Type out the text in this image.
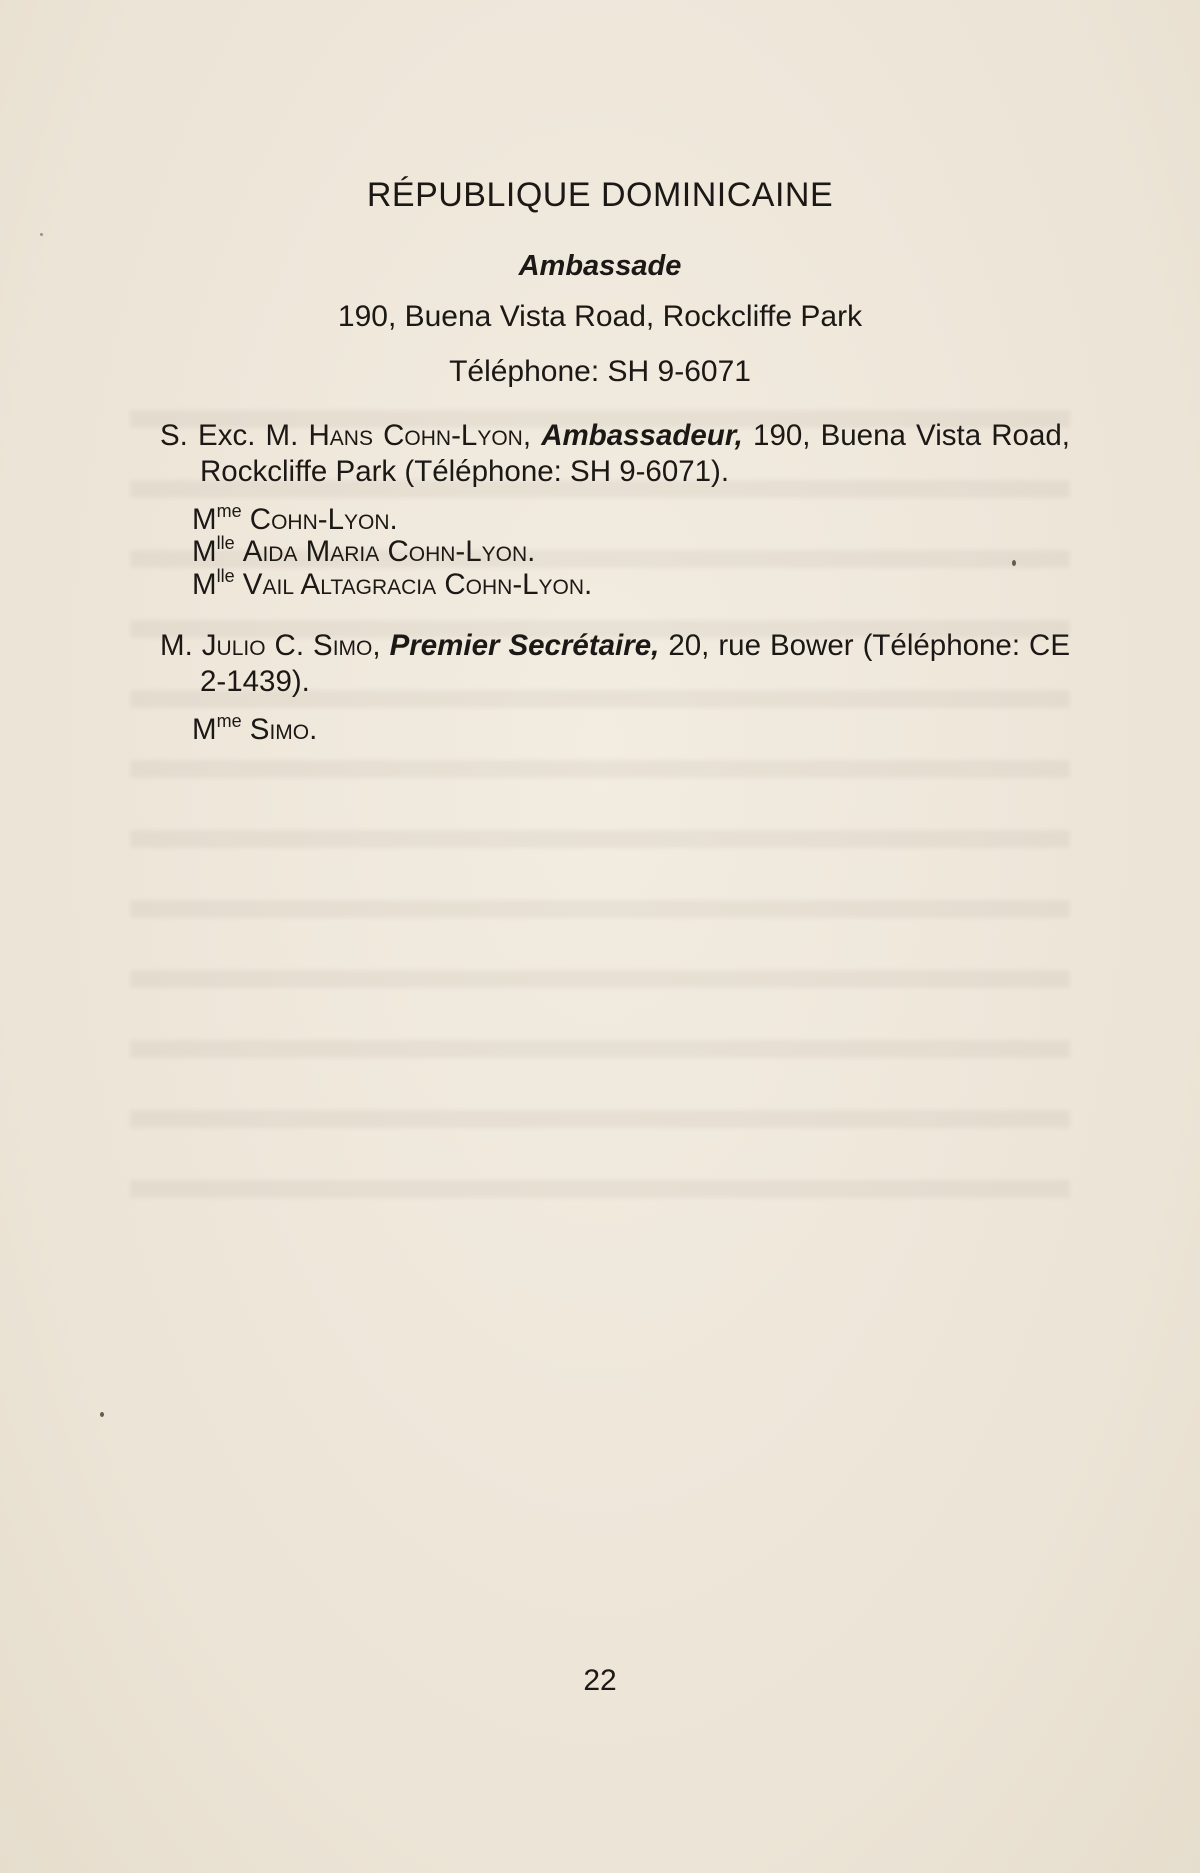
RÉPUBLIQUE DOMINICAINE
Ambassade
190, Buena Vista Road, Rockcliffe Park
Téléphone: SH 9-6071
S. Exc. M. Hans Cohn-Lyon, Ambassadeur, 190, Buena Vista Road, Rockcliffe Park (Téléphone: SH 9-6071).
$M^{me}$ Cohn-Lyon.
$M^{lle}$ Aida Maria Cohn-Lyon.
$M^{lle}$ Vail Altagracia Cohn-Lyon.
M. Julio C. Simo, Premier Secrétaire, 20, rue Bower (Téléphone: CE 2-1439).
$M^{me}$ Simo.
22
